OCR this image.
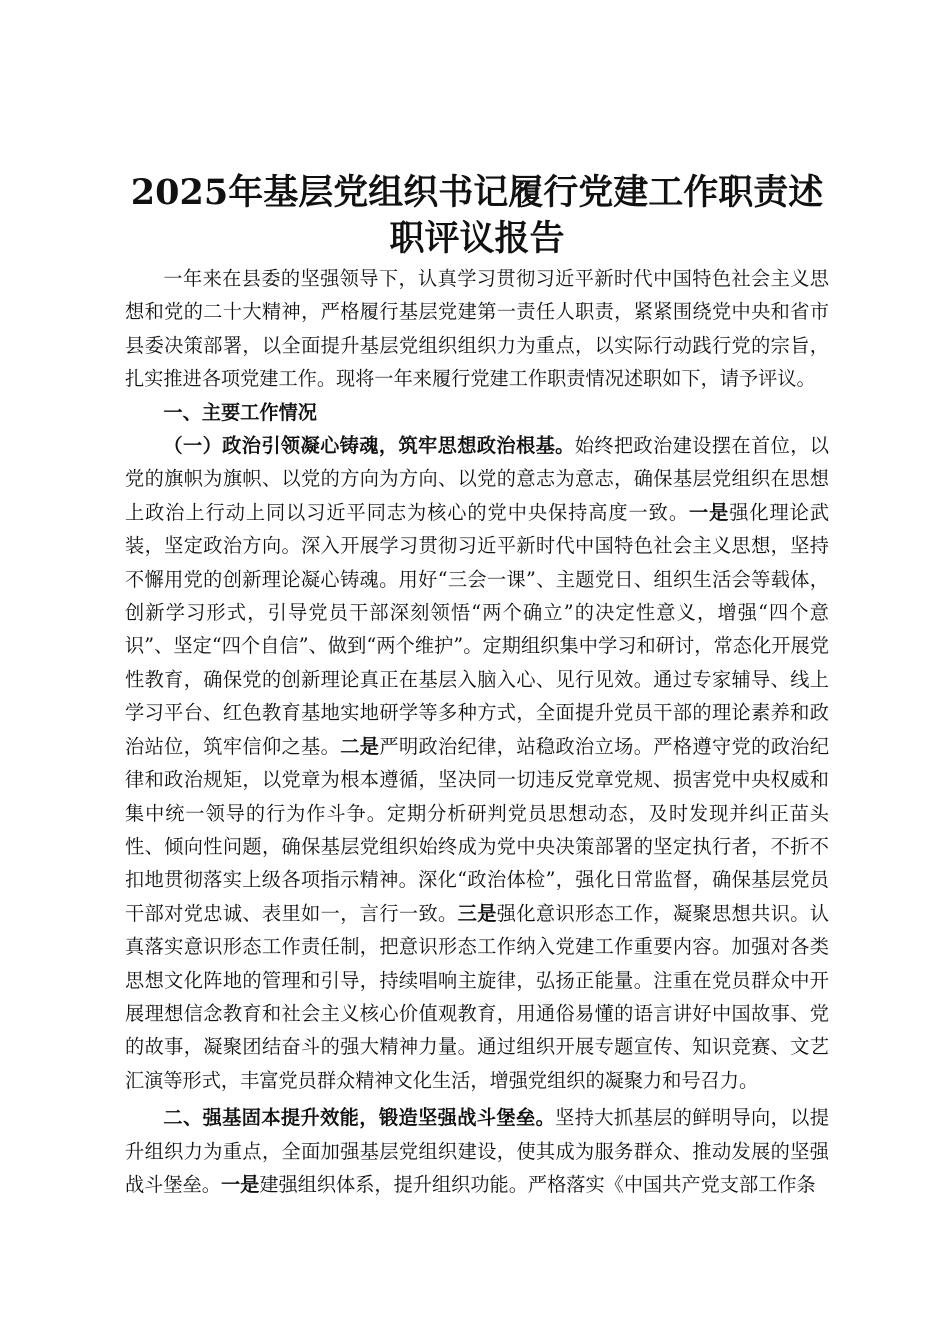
2025年基层党组织书记履行党建工作职责述
职评议报告

一年来在县委的坚强领导下，认真学习贯彻习近平新时代中国特色社会主义思想和党的二十大精神，严格履行基层党建第一责任人职责，紧紧围绕党中央和省市县委决策部署，以全面提升基层党组织组织力为重点，以实际行动践行党的宗旨，扎实推进各项党建工作。现将一年来履行党建工作职责情况述职如下，请予评议。

一、主要工作情况

（一）政治引领凝心铸魂，筑牢思想政治根基。始终把政治建设摆在首位，以党的旗帜为旗帜、以党的方向为方向、以党的意志为意志，确保基层党组织在思想上政治上行动上同以习近平同志为核心的党中央保持高度一致。一是强化理论武装，坚定政治方向。深入开展学习贯彻习近平新时代中国特色社会主义思想，坚持不懈用党的创新理论凝心铸魂。用好“三会一课”、主题党日、组织生活会等载体，创新学习形式，引导党员干部深刻领悟“两个确立”的决定性意义，增强“四个意识”、坚定“四个自信”、做到“两个维护”。定期组织集中学习和研讨，常态化开展党性教育，确保党的创新理论真正在基层入脑入心、见行见效。通过专家辅导、线上学习平台、红色教育基地实地研学等多种方式，全面提升党员干部的理论素养和政治站位，筑牢信仰之基。二是严明政治纪律，站稳政治立场。严格遵守党的政治纪律和政治规矩，以党章为根本遵循，坚决同一切违反党章党规、损害党中央权威和集中统一领导的行为作斗争。定期分析研判党员思想动态，及时发现并纠正苗头性、倾向性问题，确保基层党组织始终成为党中央决策部署的坚定执行者，不折不扣地贯彻落实上级各项指示精神。深化“政治体检”，强化日常监督，确保基层党员干部对党忠诚、表里如一，言行一致。三是强化意识形态工作，凝聚思想共识。认真落实意识形态工作责任制，把意识形态工作纳入党建工作重要内容。加强对各类思想文化阵地的管理和引导，持续唱响主旋律，弘扬正能量。注重在党员群众中开展理想信念教育和社会主义核心价值观教育，用通俗易懂的语言讲好中国故事、党的故事，凝聚团结奋斗的强大精神力量。通过组织开展专题宣传、知识竞赛、文艺汇演等形式，丰富党员群众精神文化生活，增强党组织的凝聚力和号召力。

二、强基固本提升效能，锻造坚强战斗堡垒。坚持大抓基层的鲜明导向，以提升组织力为重点，全面加强基层党组织建设，使其成为服务群众、推动发展的坚强战斗堡垒。一是建强组织体系，提升组织功能。严格落实《中国共产党支部工作条
